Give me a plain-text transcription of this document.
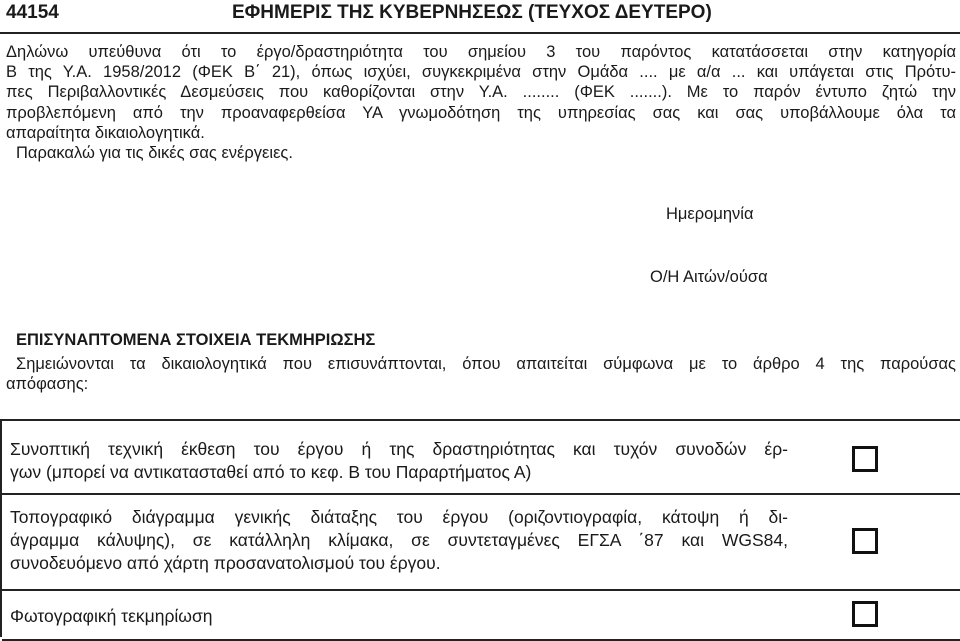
44154	ΕΦΗΜΕΡΙΣ ΤΗΣ ΚΥΒΕΡΝΗΣΕΩΣ (ΤΕΥΧΟΣ ΔΕΥΤΕΡΟ)

Δηλώνω υπεύθυνα ότι το έργο/δραστηριότητα του σημείου 3 του παρόντος κατατάσσεται στην κατηγορία

Β της Υ.Α. 1958/2012 (ΦΕΚ Β΄ 21), όπως ισχύει, συγκεκριμένα στην Ομάδα .... με α/α ... και υπάγεται στις Πρότυ-

πες Περιβαλλοντικές Δεσμεύσεις που καθορίζονται στην Υ.Α. ........ (ΦΕΚ .......). Με το παρόν έντυπο ζητώ την

προβλεπόμενη από την προαναφερθείσα ΥΑ γνωμοδότηση της υπηρεσίας σας και σας υποβάλλουμε όλα τα

απαραίτητα δικαιολογητικά.

Παρακαλώ για τις δικές σας ενέργειες.

Ημερομηνία
Ο/Η Αιτών/ούσα
ΕΠΙΣΥΝΑΠΤΟΜΕΝΑ ΣΤΟΙΧΕΙΑ ΤΕΚΜΗΡΙΩΣΗΣ

Σημειώνονται τα δικαιολογητικά που επισυνάπτονται, όπου απαιτείται σύμφωνα με το άρθρο 4 της παρούσας

απόφασης:

Συνοπτική τεχνική έκθεση του έργου ή της δραστηριότητας και τυχόν συνοδών έρ-
γων (μπορεί να αντικατασταθεί από το κεφ. Β του Παραρτήματος Α)
Τοπογραφικό διάγραμμα γενικής διάταξης του έργου (οριζοντιογραφία, κάτοψη ή δι-
άγραμμα κάλυψης), σε κατάλληλη κλίμακα, σε συντεταγμένες ΕΓΣΑ ΄87 και WGS84,
συνοδευόμενο από χάρτη προσανατολισμού του έργου.
Φωτογραφική τεκμηρίωση
